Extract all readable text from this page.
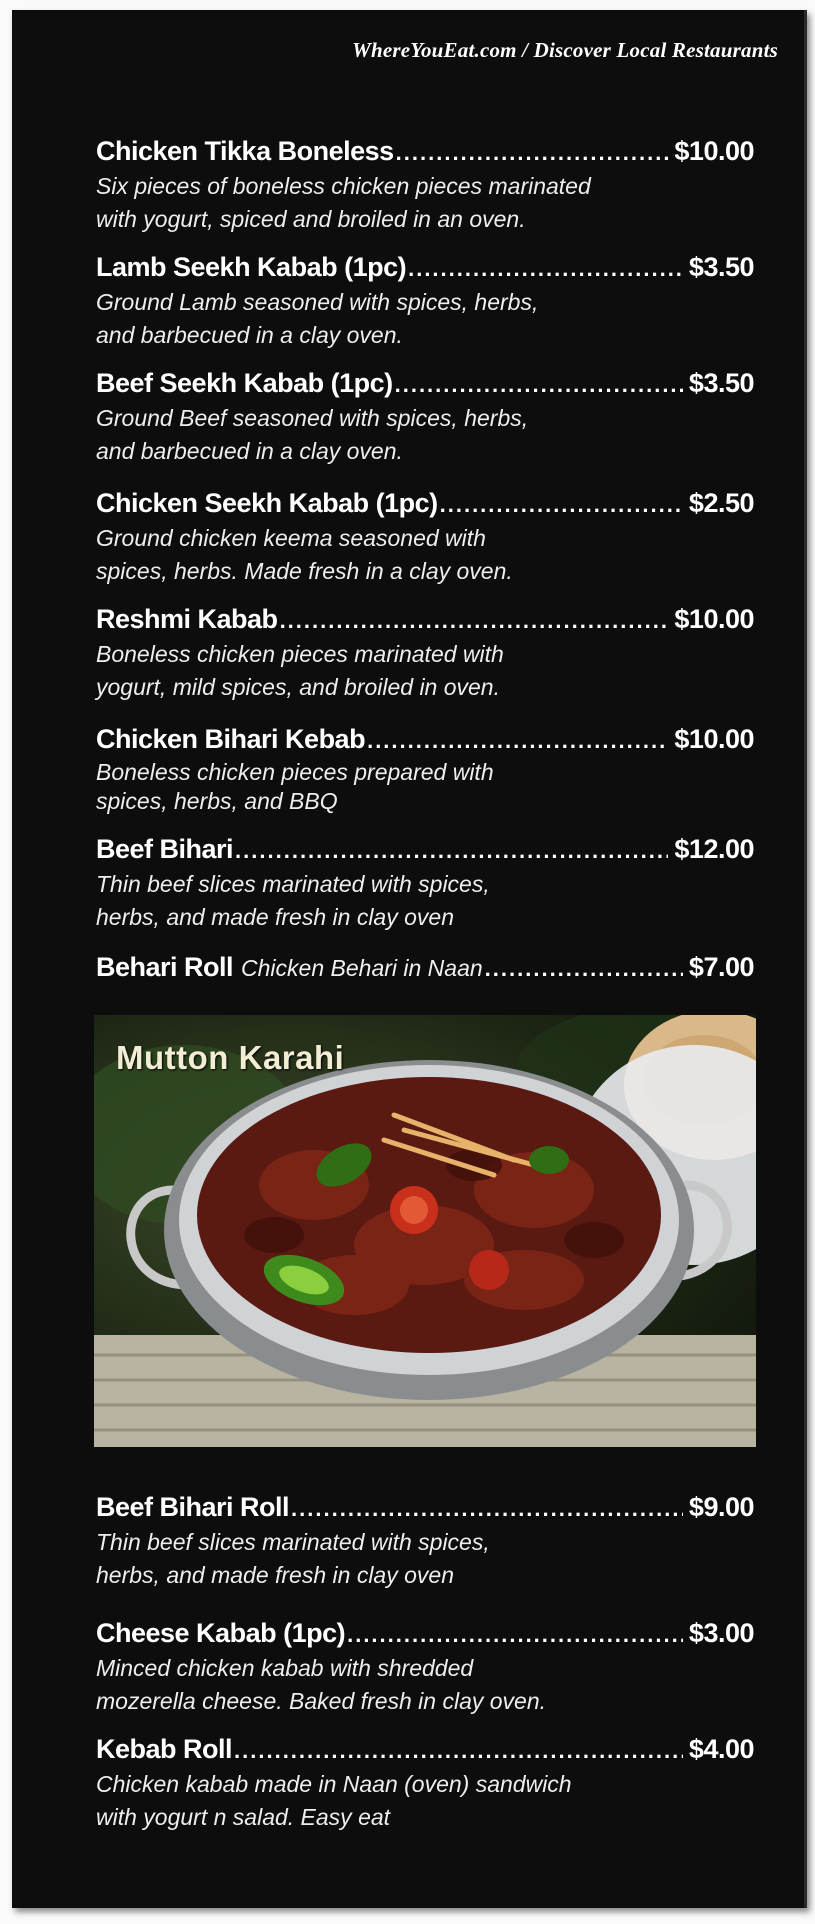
WhereYouEat.com / Discover Local Restaurants
Chicken Tikka Boneless .....	$10.00
Six pieces of boneless chicken pieces marinated
with yogurt, spiced and broiled in an oven.
Lamb Seekh Kabab (1pc) .....	$3.50
Ground Lamb seasoned with spices, herbs,
and barbecued in a clay oven.
Beef Seekh Kabab (1pc) .....	$3.50
Ground Beef seasoned with spices, herbs,
and barbecued in a clay oven.
Chicken Seekh Kabab (1pc) .....	$2.50
Ground chicken keema seasoned with
spices, herbs. Made fresh in a clay oven.
Reshmi Kabab .....	$10.00
Boneless chicken pieces marinated with
yogurt, mild spices, and broiled in oven.
Chicken Bihari Kebab .....	$10.00
Boneless chicken pieces prepared with
spices, herbs, and BBQ
Beef Bihari .....	$12.00
Thin beef slices marinated with spices,
herbs, and made fresh in clay oven
Behari Roll Chicken Behari in Naan .....	$7.00
Mutton Karahi
Beef Bihari Roll .....	$9.00
Thin beef slices marinated with spices,
herbs, and made fresh in clay oven
Cheese Kabab (1pc) .....	$3.00
Minced chicken kabab with shredded
mozerella cheese. Baked fresh in clay oven.
Kebab Roll .....	$4.00
Chicken kabab made in Naan (oven) sandwich
with yogurt n salad. Easy eat
